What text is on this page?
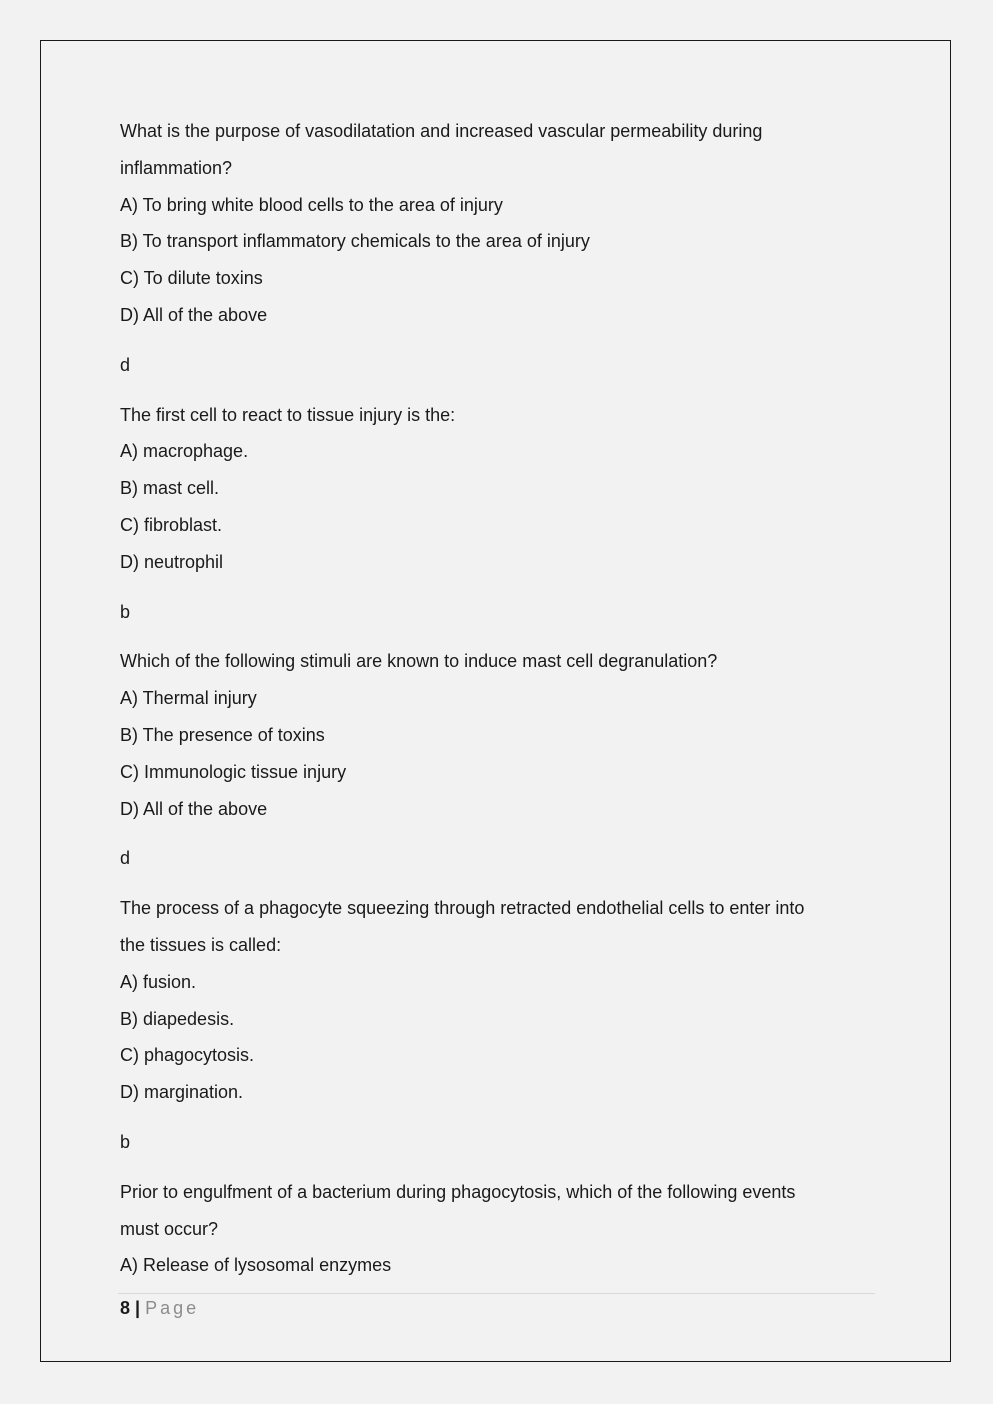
What is the purpose of vasodilatation and increased vascular permeability during
inflammation?
A) To bring white blood cells to the area of injury
B) To transport inflammatory chemicals to the area of injury
C) To dilute toxins
D) All of the above
d
The first cell to react to tissue injury is the:
A) macrophage.
B) mast cell.
C) fibroblast.
D) neutrophil
b
Which of the following stimuli are known to induce mast cell degranulation?
A) Thermal injury
B) The presence of toxins
C) Immunologic tissue injury
D) All of the above
d
The process of a phagocyte squeezing through retracted endothelial cells to enter into
the tissues is called:
A) fusion.
B) diapedesis.
C) phagocytosis.
D) margination.
b
Prior to engulfment of a bacterium during phagocytosis, which of the following events
must occur?
A) Release of lysosomal enzymes
8 | Page
